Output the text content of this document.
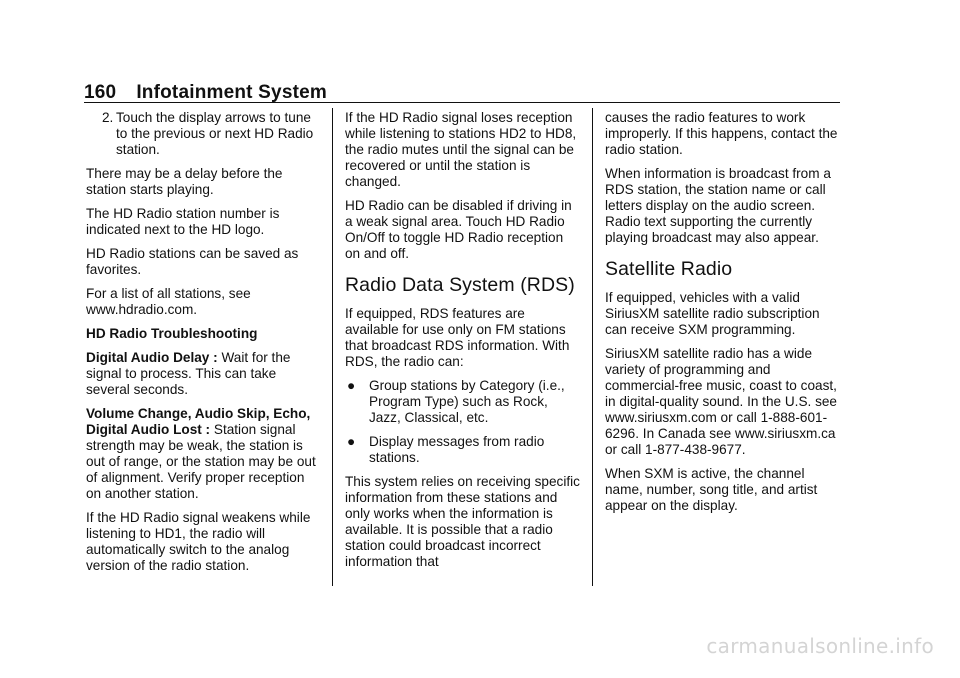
160 Infotainment System
2. Touch the display arrows to tune to the previous or next HD Radio station.

There may be a delay before the station starts playing.

The HD Radio station number is indicated next to the HD logo.

HD Radio stations can be saved as favorites.

For a list of all stations, see www.hdradio.com.

HD Radio Troubleshooting

Digital Audio Delay : Wait for the signal to process. This can take several seconds.

Volume Change, Audio Skip, Echo, Digital Audio Lost : Station signal strength may be weak, the station is out of range, or the station may be out of alignment. Verify proper reception on another station.

If the HD Radio signal weakens while listening to HD1, the radio will automatically switch to the analog version of the radio station.

If the HD Radio signal loses reception while listening to stations HD2 to HD8, the radio mutes until the signal can be recovered or until the station is changed.

HD Radio can be disabled if driving in a weak signal area. Touch HD Radio On/Off to toggle HD Radio reception on and off.

Radio Data System (RDS)

If equipped, RDS features are available for use only on FM stations that broadcast RDS information. With RDS, the radio can:

●	Group stations by Category (i.e., Program Type) such as Rock, Jazz, Classical, etc.
●	Display messages from radio stations.

This system relies on receiving specific information from these stations and only works when the information is available. It is possible that a radio station could broadcast incorrect information that

causes the radio features to work improperly. If this happens, contact the radio station.

When information is broadcast from a RDS station, the station name or call letters display on the audio screen. Radio text supporting the currently playing broadcast may also appear.

Satellite Radio

If equipped, vehicles with a valid SiriusXM satellite radio subscription can receive SXM programming.

SiriusXM satellite radio has a wide variety of programming and commercial-free music, coast to coast, in digital-quality sound. In the U.S. see www.siriusxm.com or call 1-888-601-6296. In Canada see www.siriusxm.ca or call 1-877-438-9677.

When SXM is active, the channel name, number, song title, and artist appear on the display.

carmanualsonline.info
